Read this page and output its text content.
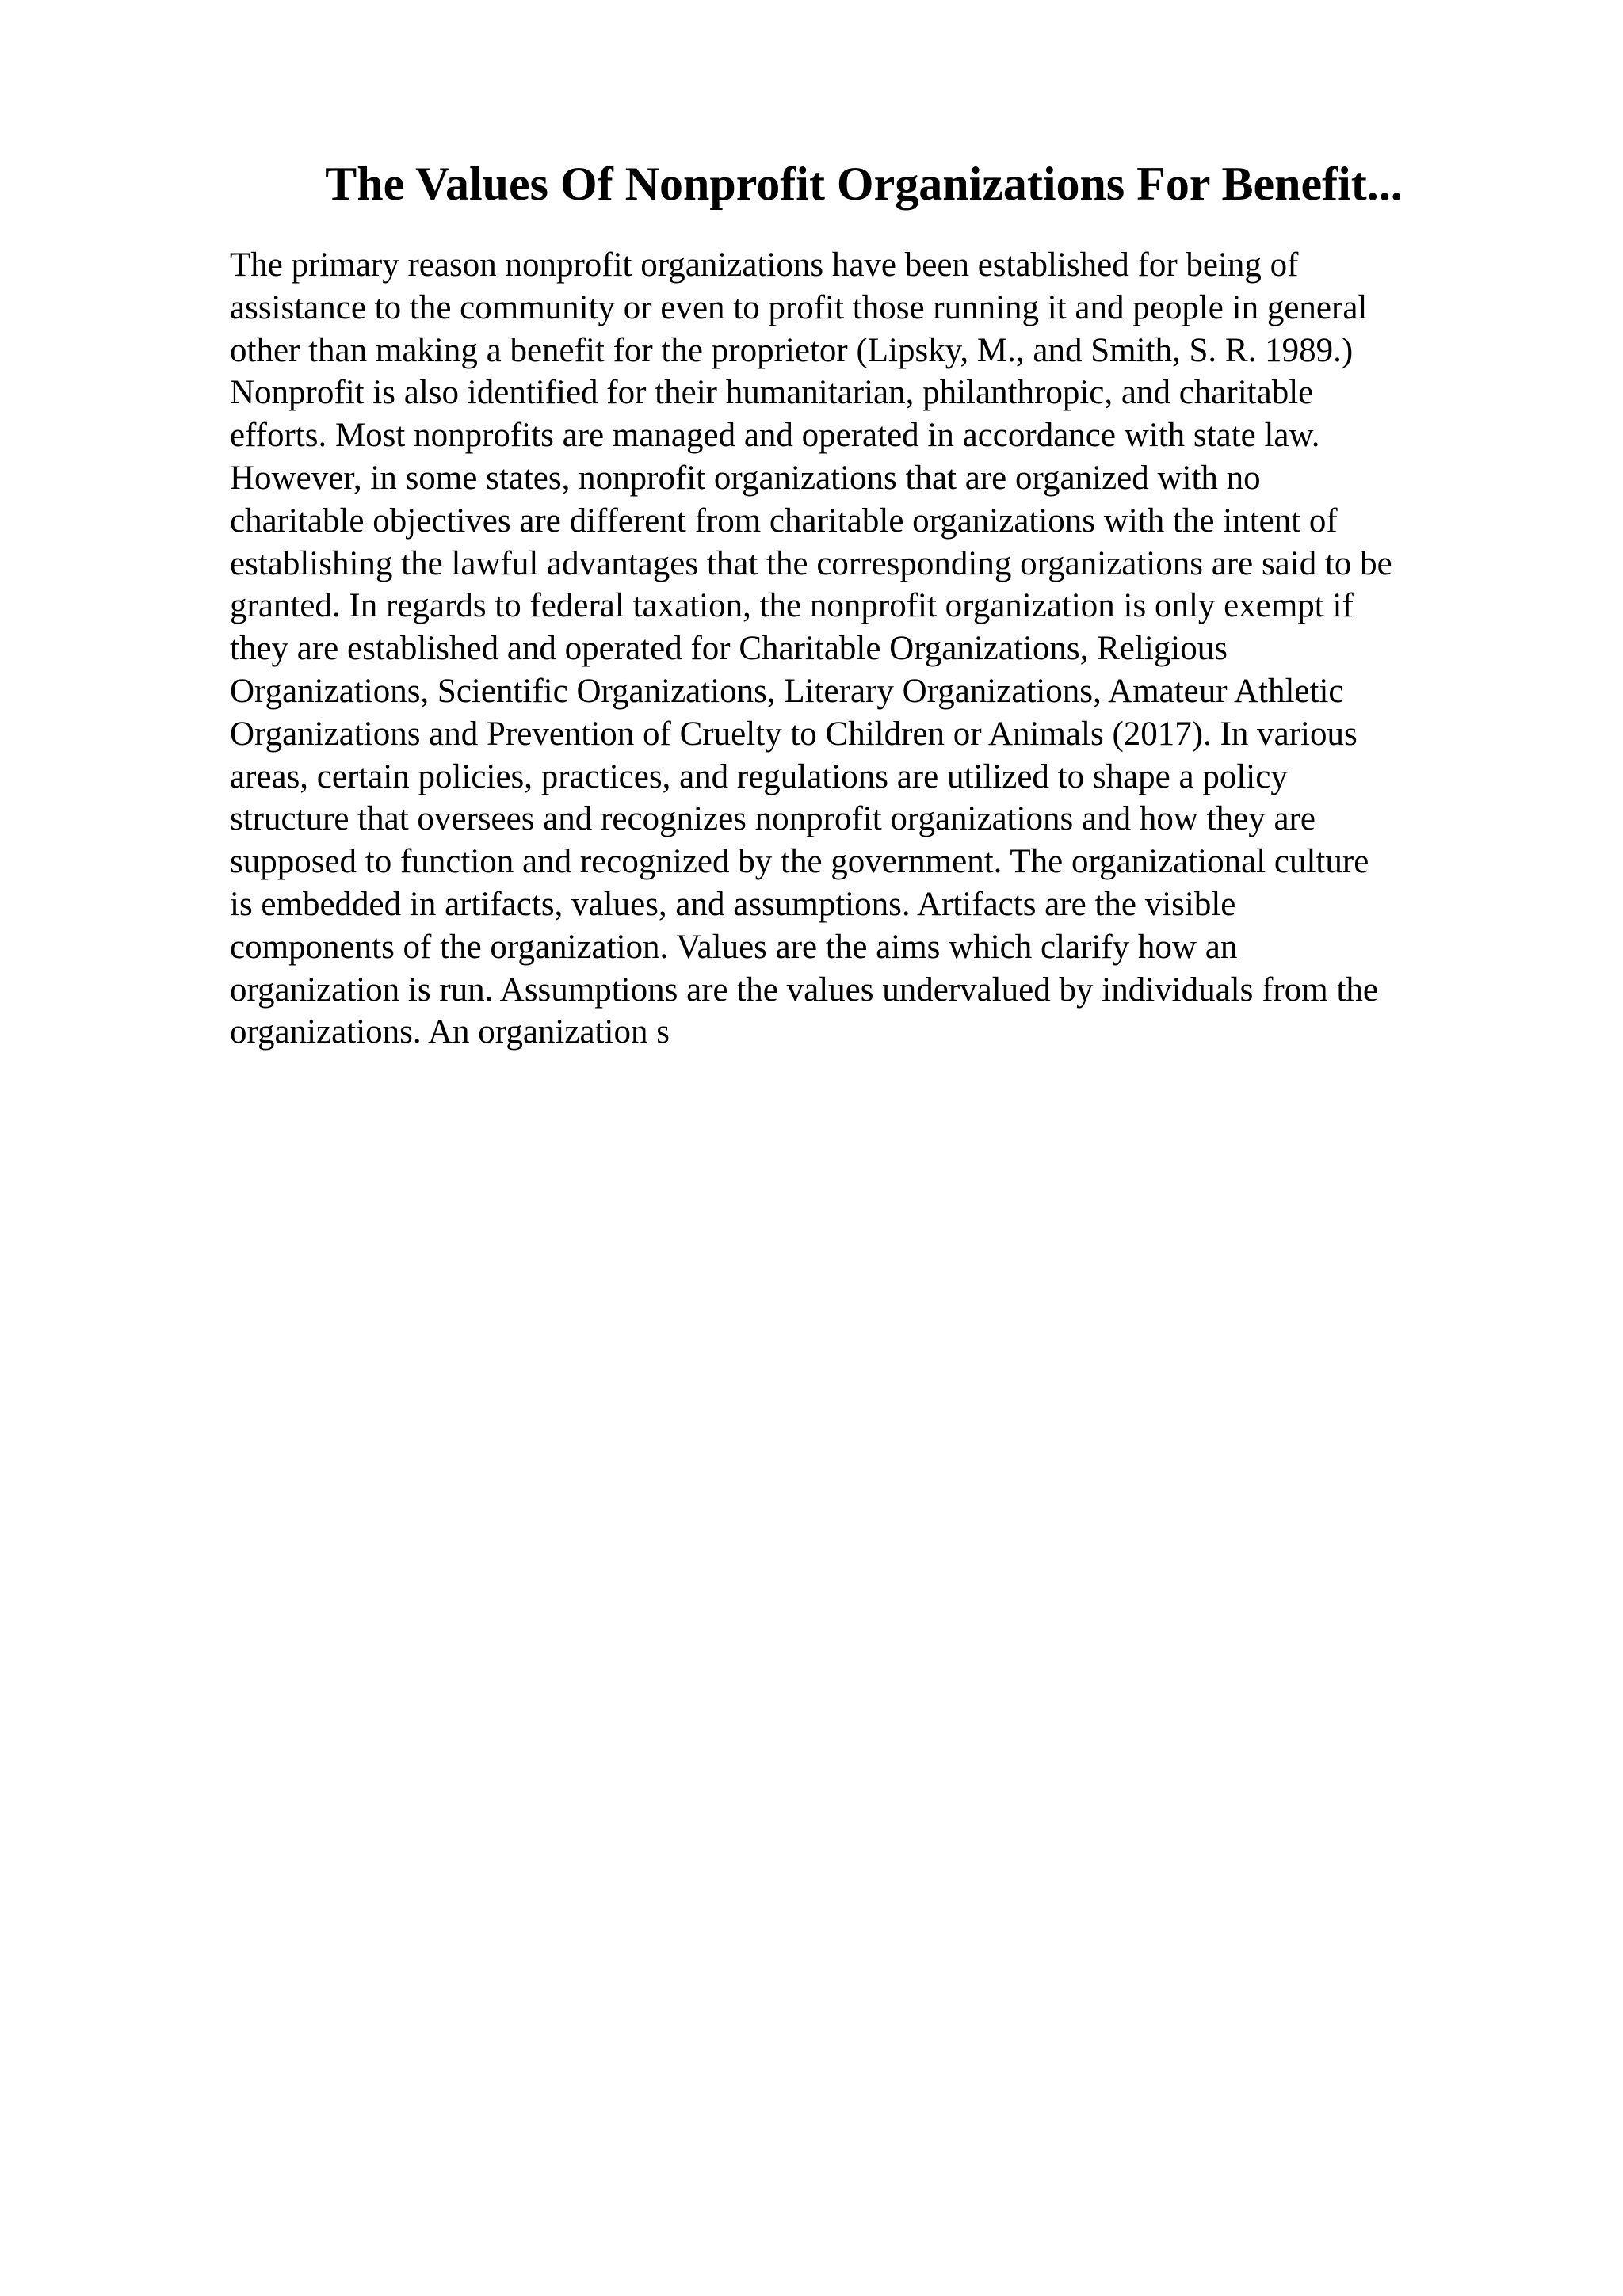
The Values Of Nonprofit Organizations For Benefit...
The primary reason nonprofit organizations have been established for being of
assistance to the community or even to profit those running it and people in general
other than making a benefit for the proprietor (Lipsky, M., and Smith, S. R. 1989.)
Nonprofit is also identified for their humanitarian, philanthropic, and charitable
efforts. Most nonprofits are managed and operated in accordance with state law.
However, in some states, nonprofit organizations that are organized with no
charitable objectives are different from charitable organizations with the intent of
establishing the lawful advantages that the corresponding organizations are said to be
granted. In regards to federal taxation, the nonprofit organization is only exempt if
they are established and operated for Charitable Organizations, Religious
Organizations, Scientific Organizations, Literary Organizations, Amateur Athletic
Organizations and Prevention of Cruelty to Children or Animals (2017). In various
areas, certain policies, practices, and regulations are utilized to shape a policy
structure that oversees and recognizes nonprofit organizations and how they are
supposed to function and recognized by the government. The organizational culture
is embedded in artifacts, values, and assumptions. Artifacts are the visible
components of the organization. Values are the aims which clarify how an
organization is run. Assumptions are the values undervalued by individuals from the
organizations. An organization s
